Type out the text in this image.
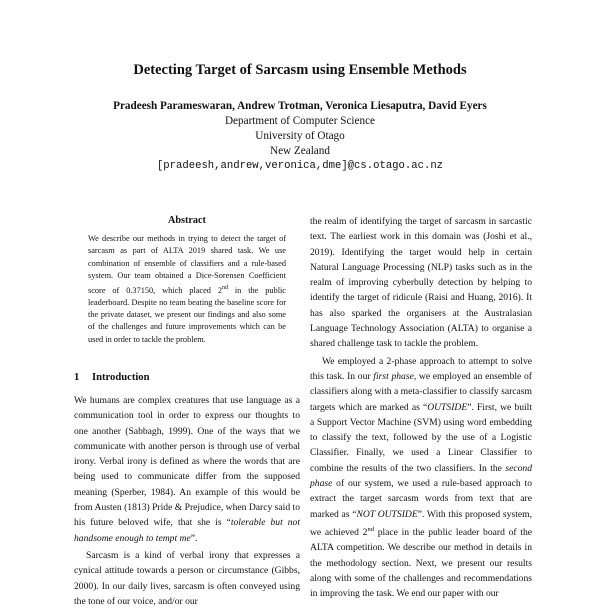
Detecting Target of Sarcasm using Ensemble Methods
Pradeesh Parameswaran, Andrew Trotman, Veronica Liesaputra, David Eyers
Department of Computer Science
University of Otago
New Zealand
[pradeesh,andrew,veronica,dme]@cs.otago.ac.nz
Abstract

We describe our methods in trying to detect the target of sarcasm as part of ALTA 2019 shared task. We use combination of ensemble of classifiers and a rule-based system. Our team obtained a Dice-Sorensen Coefficient score of 0.37150, which placed 2nd in the public leaderboard. Despite no team beating the baseline score for the private dataset, we present our findings and also some of the challenges and future improvements which can be used in order to tackle the problem.

1 Introduction

We humans are complex creatures that use language as a communication tool in order to express our thoughts to one another (Sabbagh, 1999). One of the ways that we communicate with another person is through use of verbal irony. Verbal irony is defined as where the words that are being used to communicate differ from the supposed meaning (Sperber, 1984). An example of this would be from Austen (1813) Pride & Prejudice, when Darcy said to his future beloved wife, that she is “tolerable but not handsome enough to tempt me”.

Sarcasm is a kind of verbal irony that expresses a cynical attitude towards a person or circumstance (Gibbs, 2000). In our daily lives, sarcasm is often conveyed using the tone of our voice, and/or our

the realm of identifying the target of sarcasm in sarcastic text. The earliest work in this domain was (Joshi et al., 2019). Identifying the target would help in certain Natural Language Processing (NLP) tasks such as in the realm of improving cyberbully detection by helping to identify the target of ridicule (Raisi and Huang, 2016). It has also sparked the organisers at the Australasian Language Technology Association (ALTA) to organise a shared challenge task to tackle the problem.

We employed a 2-phase approach to attempt to solve this task. In our first phase, we employed an ensemble of classifiers along with a meta-classifier to classify sarcasm targets which are marked as “OUTSIDE”. First, we built a Support Vector Machine (SVM) using word embedding to classify the text, followed by the use of a Logistic Classifier. Finally, we used a Linear Classifier to combine the results of the two classifiers. In the second phase of our system, we used a rule-based approach to extract the target sarcasm words from text that are marked as “NOT OUTSIDE”. With this proposed system, we achieved 2nd place in the public leader board of the ALTA competition. We describe our method in details in the methodology section. Next, we present our results along with some of the challenges and recommendations in improving the task. We end our paper with our
